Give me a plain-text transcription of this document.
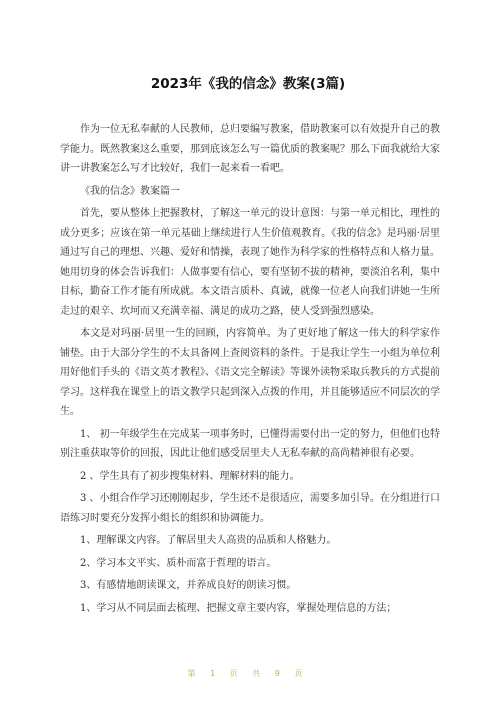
2023年《我的信念》教案(3篇)

作为一位无私奉献的人民教师，总归要编写教案，借助教案可以有效提升自己的教学能力。既然教案这么重要，那到底该怎么写一篇优质的教案呢？那么下面我就给大家讲一讲教案怎么写才比较好，我们一起来看一看吧。

《我的信念》教案篇一

首先，要从整体上把握教材，了解这一单元的设计意图：与第一单元相比，理性的成分更多；应该在第一单元基础上继续进行人生价值观教育。《我的信念》是玛丽·居里通过写自己的理想、兴趣、爱好和情操，表现了她作为科学家的性格特点和人格力量。她用切身的体会告诉我们：人做事要有信心，要有坚韧不拔的精神，要淡泊名利，集中目标，勤奋工作才能有所成就。本文语言质朴、真诚，就像一位老人向我们讲她一生所走过的艰辛、坎坷而又充满幸福、满足的成功之路，使人受到强烈感染。

本文是对玛丽·居里一生的回顾，内容简单。为了更好地了解这一伟大的科学家作铺垫。由于大部分学生的不太具备网上查阅资料的条件。于是我让学生一小组为单位利用好他们手头的《语文英才教程》、《语文完全解读》等课外读物采取兵教兵的方式提前学习。这样我在课堂上的语文教学只起到深入点拨的作用，并且能够适应不同层次的学生。

1、 初一年级学生在完成某一项事务时，已懂得需要付出一定的努力，但他们也特别注重获取等价的回报，因此让他们感受居里夫人无私奉献的高尚精神很有必要。

2 、学生具有了初步搜集材料、理解材料的能力。

3 、小组合作学习还刚刚起步，学生还不是很适应，需要多加引导。在分组进行口语练习时要充分发挥小组长的组织和协调能力。

1、理解课文内容。了解居里夫人高贵的品质和人格魅力。

2、学习本文平实、质朴而富于哲理的语言。

3、有感情地朗读课文，并养成良好的朗读习惯。

1、学习从不同层面去梳理、把握文章主要内容，掌握处理信息的方法；

第 1 页 共 9 页
